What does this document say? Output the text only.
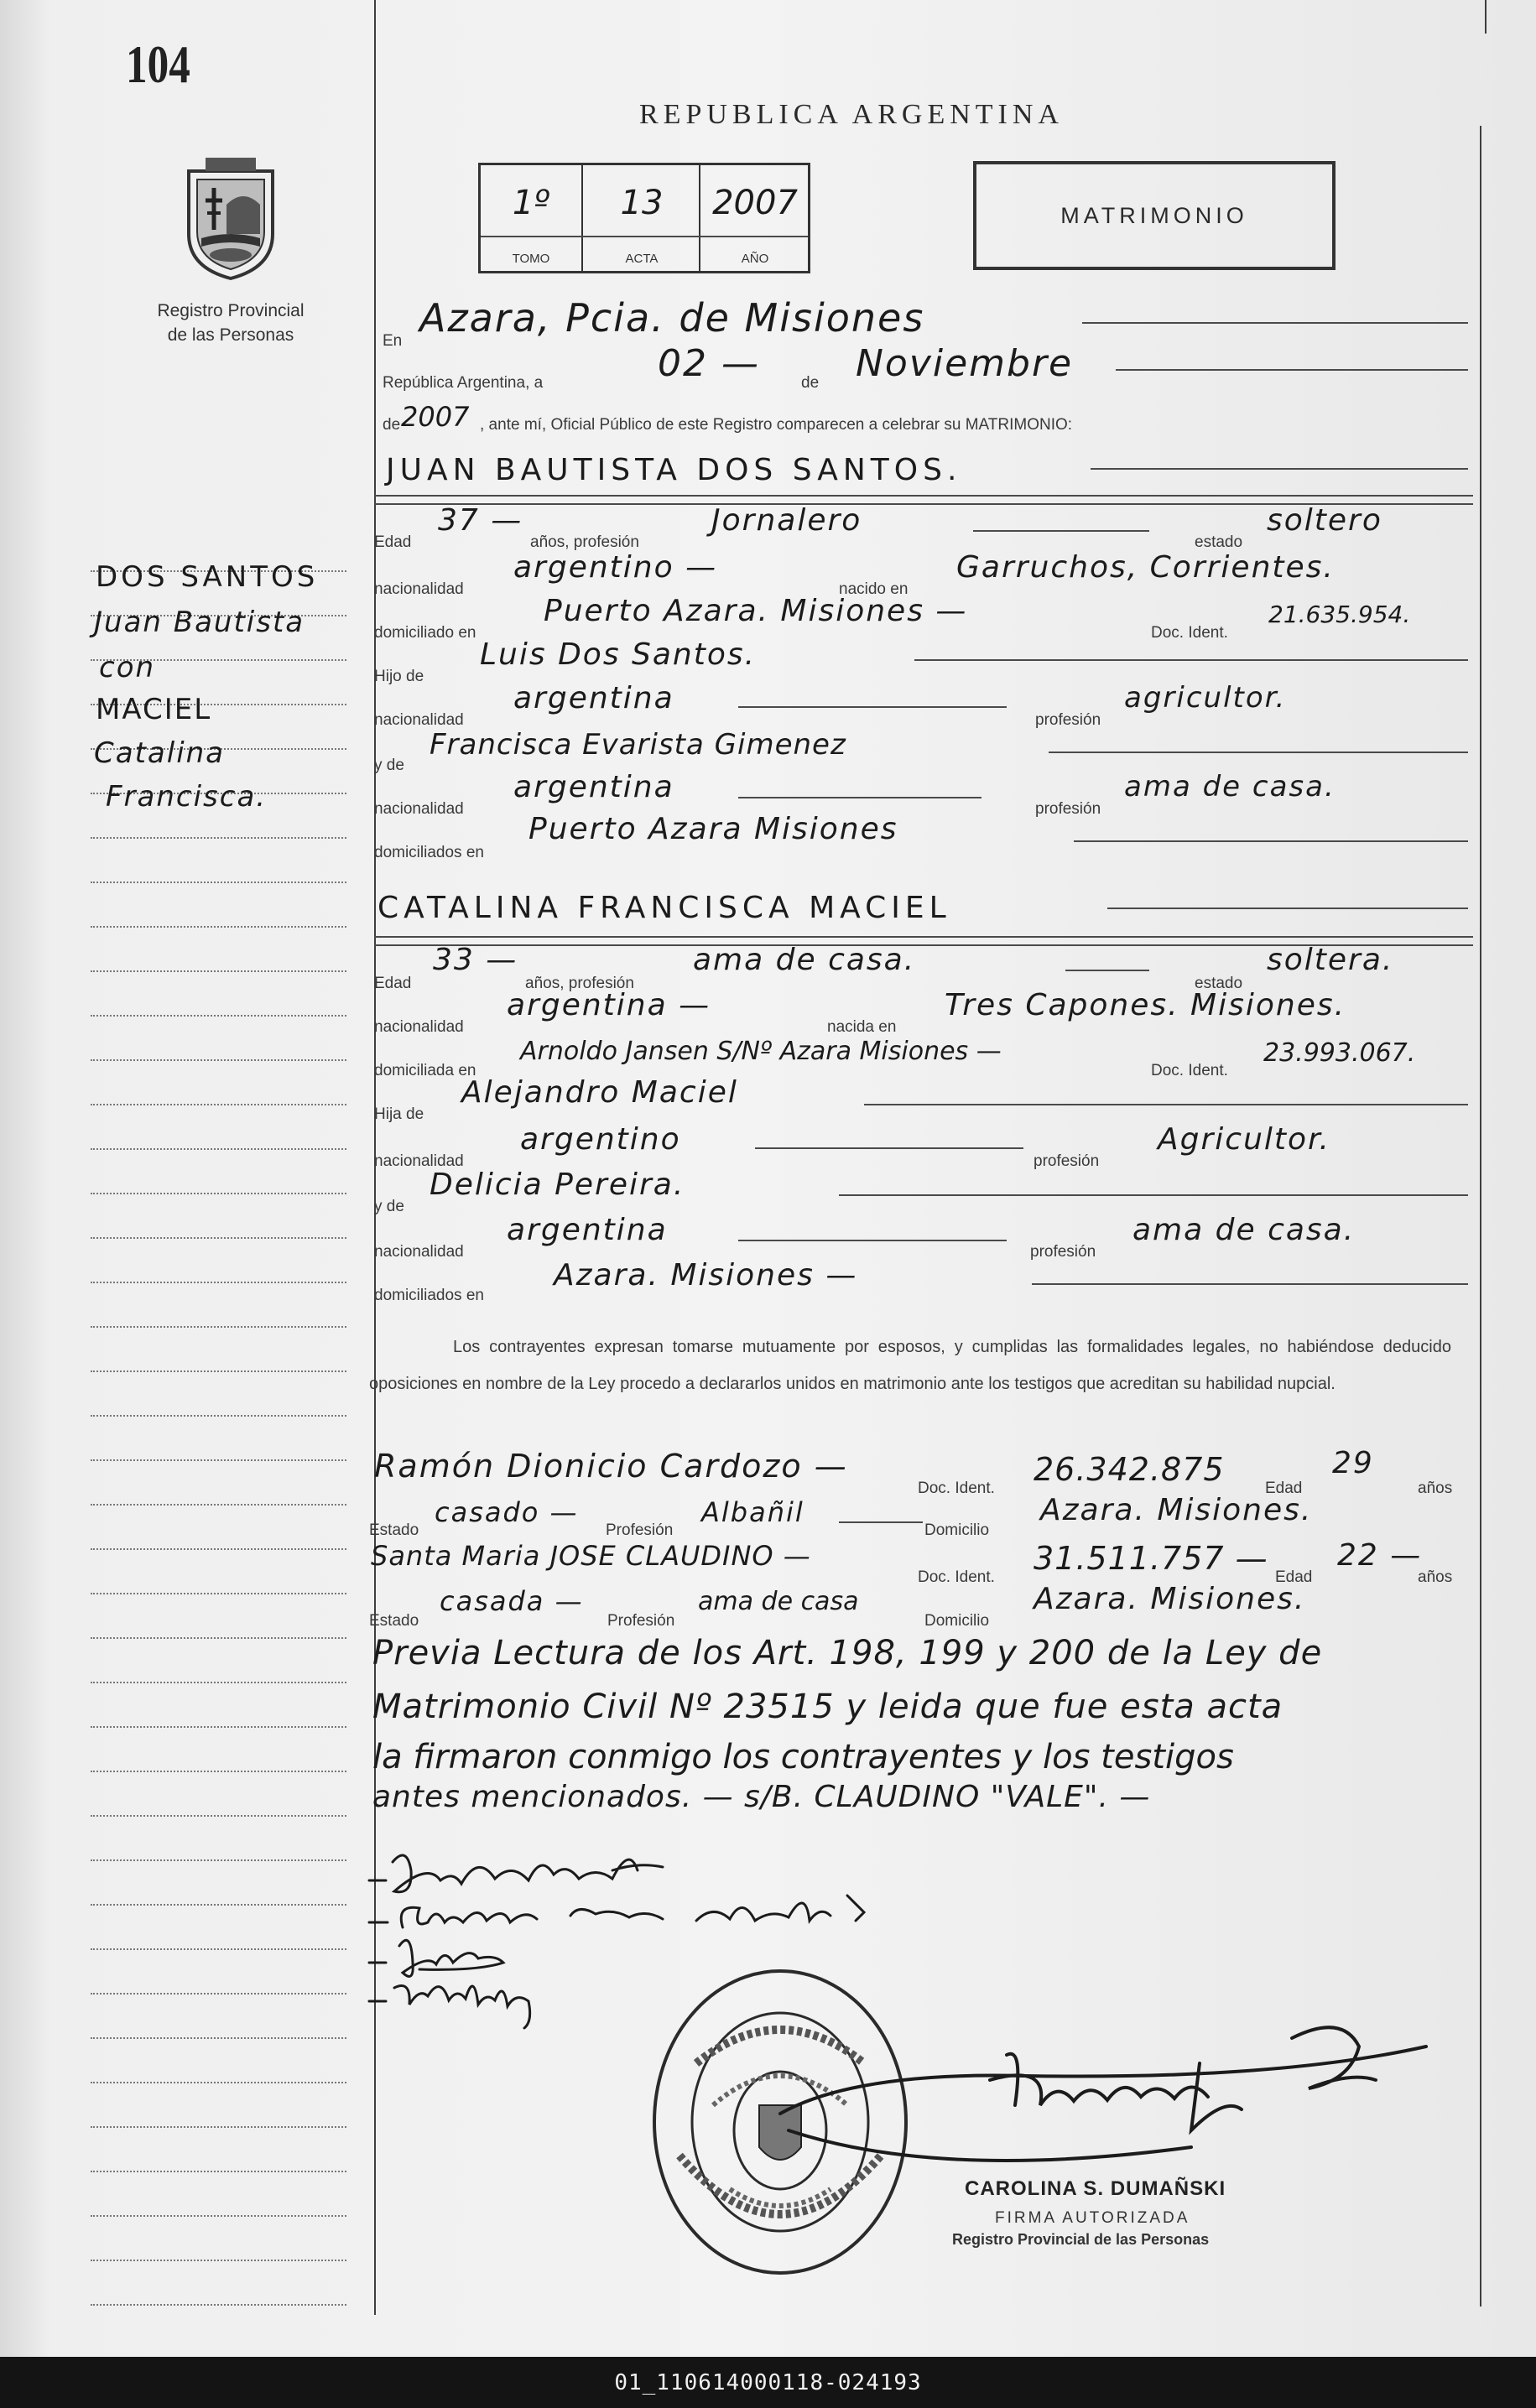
104
Registro Provincial
de las Personas
REPUBLICA ARGENTINA
1º
TOMO
13
ACTA
2007
AÑO
MATRIMONIO
DOS SANTOS
Juan Bautista
con
MACIEL
Catalina
Francisca.
En
Azara, Pcia. de Misiones
República Argentina, a	02 —	de Noviembre
de 2007 , ante mí, Oficial Público de este Registro comparecen a celebrar su MATRIMONIO:
JUAN BAUTISTA DOS SANTOS.
Edad
37 —
años, profesión
Jornalero
estado
soltero
nacionalidad
argentino —
nacido en
Garruchos, Corrientes.
domiciliado en
Puerto Azara. Misiones —
Doc. Ident.
21.635.954.
Hijo de
Luis Dos Santos.
nacionalidad
argentina
profesión
agricultor.
y de
Francisca Evarista Gimenez
nacionalidad
argentina
profesión
ama de casa.
domiciliados en
Puerto Azara Misiones
CATALINA FRANCISCA MACIEL
Edad
33 —
años, profesión
ama de casa.
estado
soltera.
nacionalidad
argentina —
nacida en
Tres Capones. Misiones.
domiciliada en
Arnoldo Jansen S/Nº Azara Misiones —
Doc. Ident.
23.993.067.
Hija de
Alejandro Maciel
nacionalidad
argentino
profesión
Agricultor.
y de
Delicia Pereira.
nacionalidad
argentina
profesión
ama de casa.
domiciliados en
Azara. Misiones —
Los contrayentes expresan tomarse mutuamente por esposos, y cumplidas las formalidades legales, no habiéndose deducido oposiciones en nombre de la Ley procedo a declararlos unidos en matrimonio ante los testigos que acreditan su habilidad nupcial.
Ramón Dionicio Cardozo —
Doc. Ident.
26.342.875
Edad
29
años
Estado
casado —
Profesión
Albañil
Domicilio
Azara. Misiones.
Santa Maria JOSE CLAUDINO —
Doc. Ident.
31.511.757 —
Edad
22 —
años
Estado
casada —
Profesión
ama de casa
Domicilio
Azara. Misiones.
Previa Lectura de los Art. 198, 199 y 200 de la Ley de
Matrimonio Civil Nº 23515 y leida que fue esta acta
la firmaron conmigo los contrayentes y los testigos
antes mencionados. — s/B. CLAUDINO "VALE". —
CAROLINA S. DUMAÑSKI
FIRMA AUTORIZADA
Registro Provincial de las Personas
01_110614000118-024193
